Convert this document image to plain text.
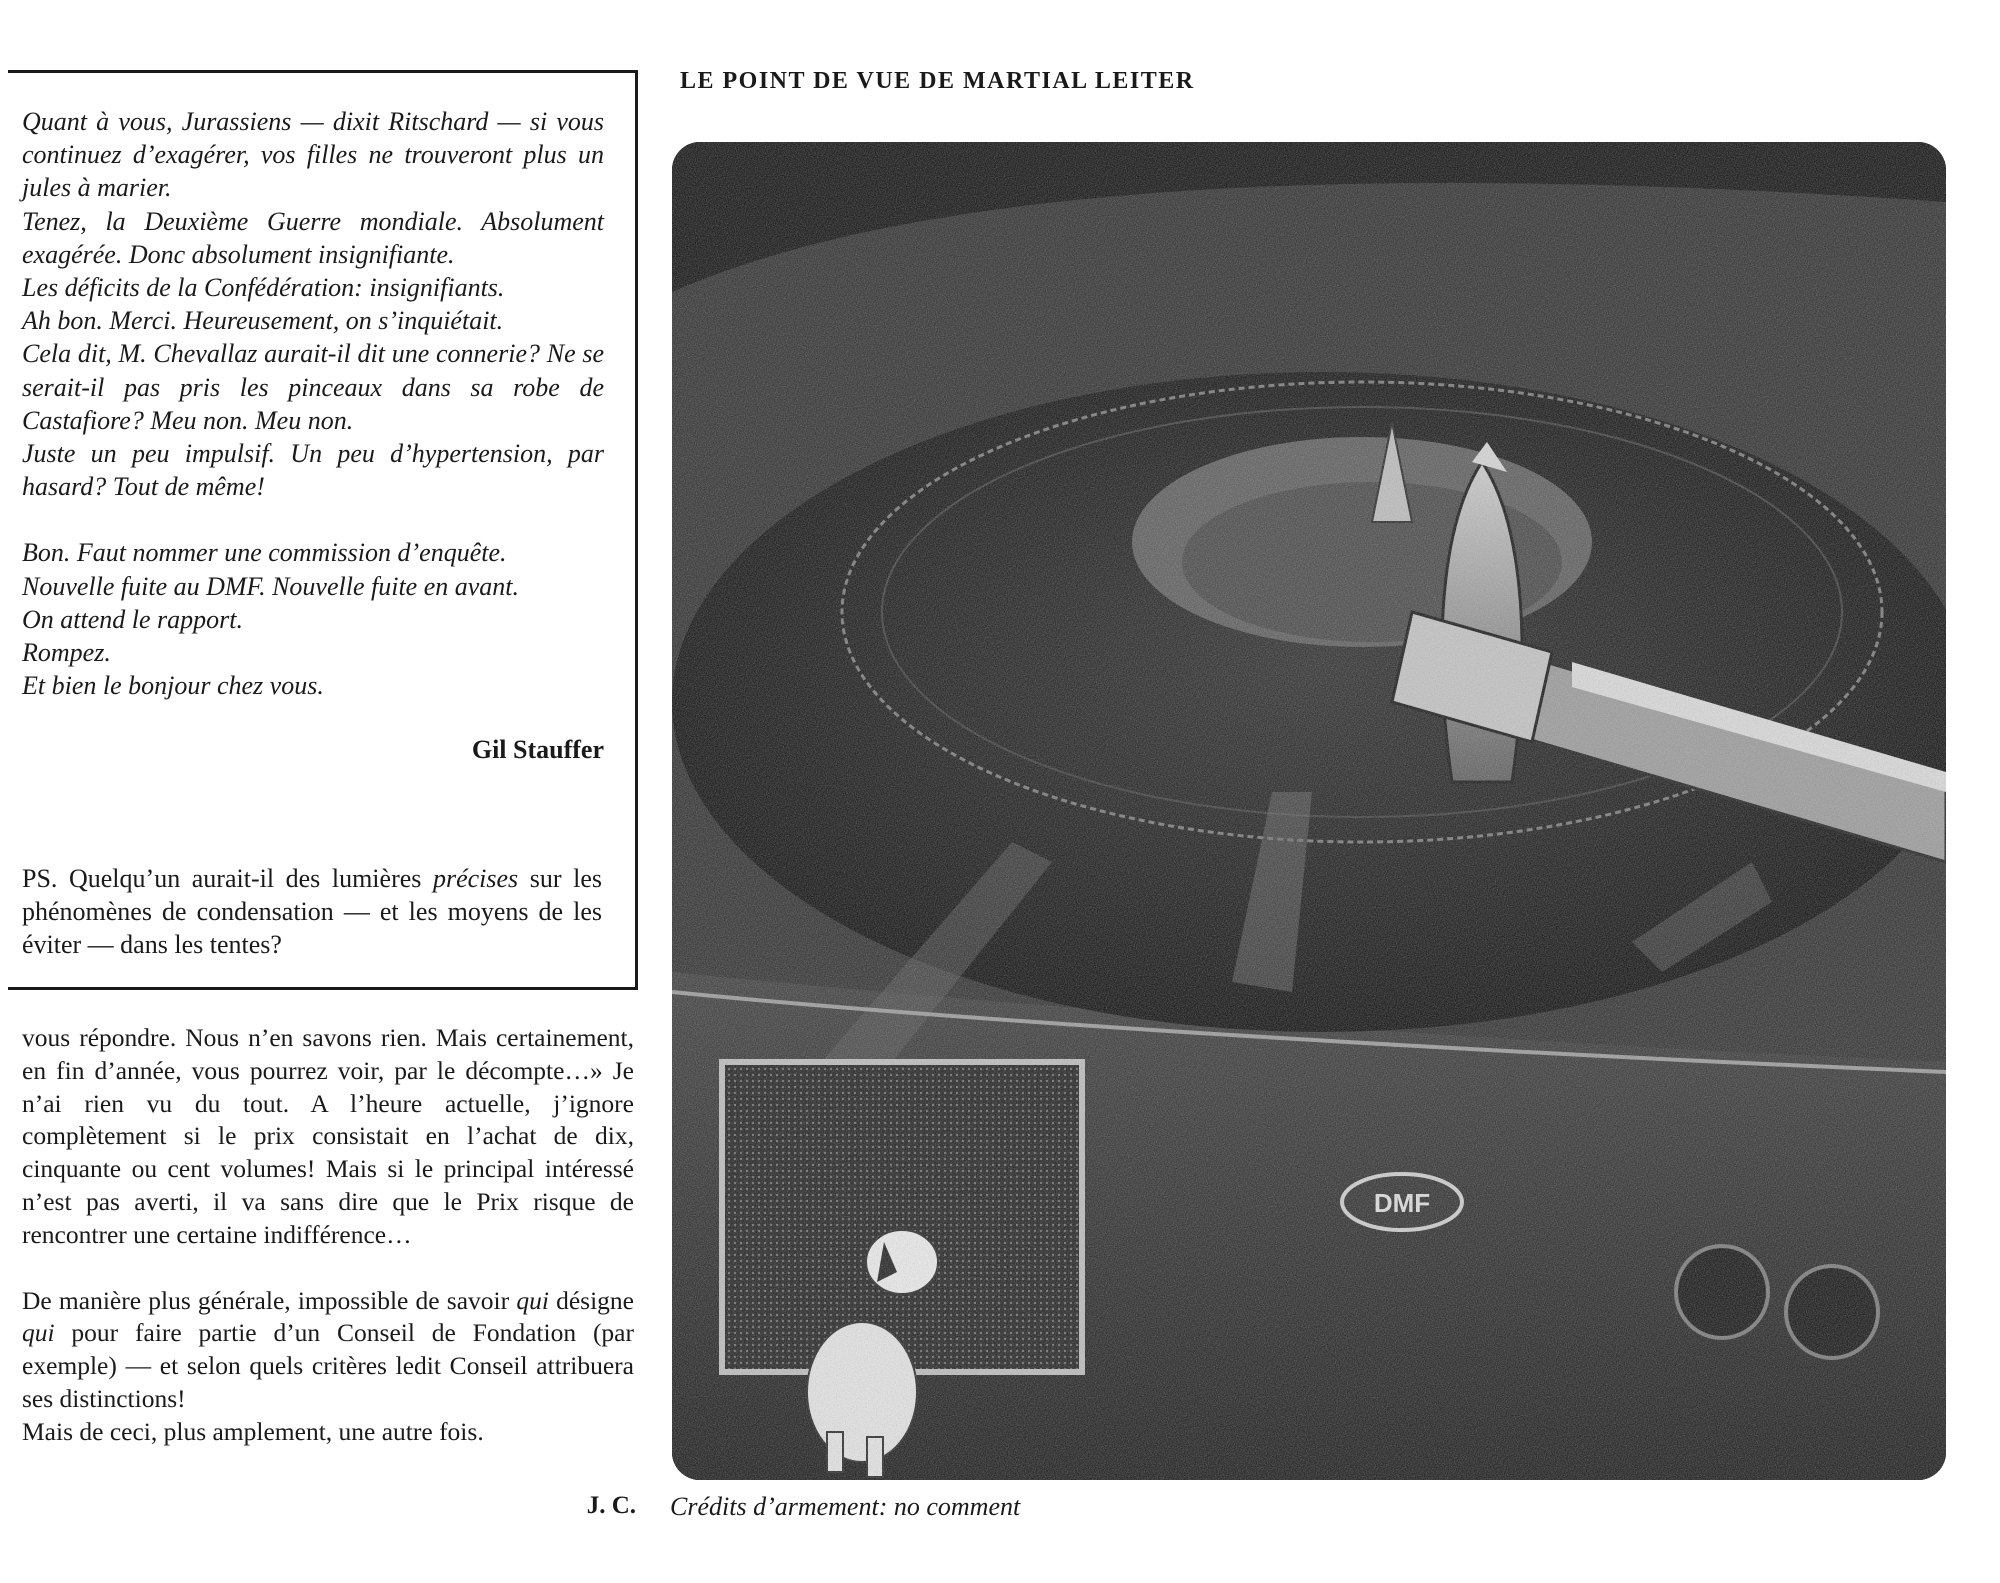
Quant à vous, Jurassiens — dixit Ritschard — si vous continuez d’exagérer, vos filles ne trouveront plus un jules à marier.

Tenez, la Deuxième Guerre mondiale. Absolument exagérée. Donc absolument insignifiante.

Les déficits de la Confédération: insignifiants.

Ah bon. Merci. Heureusement, on s’inquiétait.

Cela dit, M. Chevallaz aurait-il dit une connerie? Ne se serait-il pas pris les pinceaux dans sa robe de Castafiore? Meu non. Meu non.

Juste un peu impulsif. Un peu d’hypertension, par hasard? Tout de même!

Bon. Faut nommer une commission d’enquête.

Nouvelle fuite au DMF. Nouvelle fuite en avant.

On attend le rapport.

Rompez.

Et bien le bonjour chez vous.

Gil Stauffer
PS. Quelqu’un aurait-il des lumières précises sur les phénomènes de condensation — et les moyens de les éviter — dans les tentes?

vous répondre. Nous n’en savons rien. Mais certainement, en fin d’année, vous pourrez voir, par le décompte…» Je n’ai rien vu du tout. A l’heure actuelle, j’ignore complètement si le prix consistait en l’achat de dix, cinquante ou cent volumes! Mais si le principal intéressé n’est pas averti, il va sans dire que le Prix risque de rencontrer une certaine indifférence…

De manière plus générale, impossible de savoir qui désigne qui pour faire partie d’un Conseil de Fondation (par exemple) — et selon quels critères ledit Conseil attribuera ses distinctions!

Mais de ceci, plus amplement, une autre fois.

J. C.
LE POINT DE VUE DE MARTIAL LEITER
Crédits d’armement: no comment
